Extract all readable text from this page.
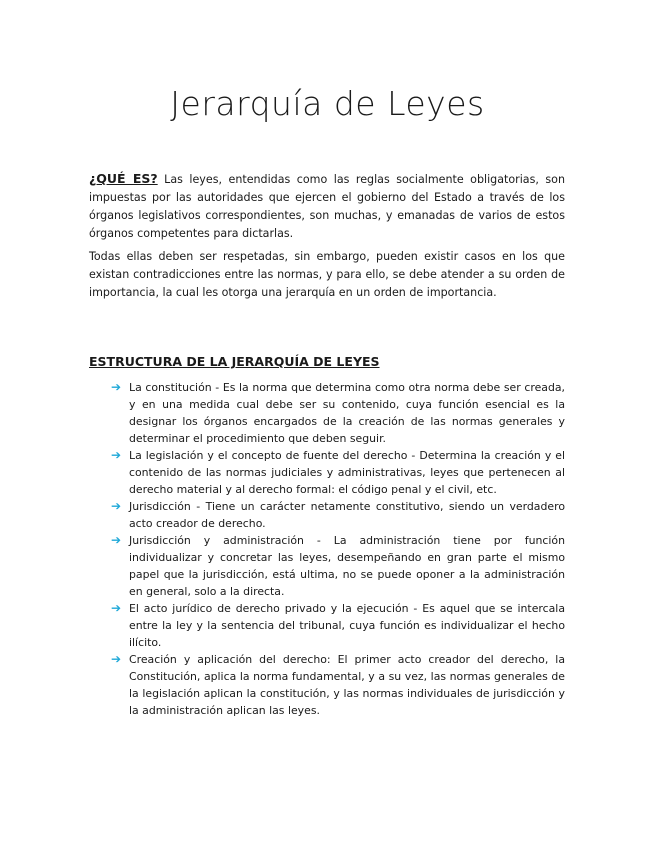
Jerarquía de Leyes

¿QUÉ ES? Las leyes, entendidas como las reglas socialmente obligatorias, son impuestas por las autoridades que ejercen el gobierno del Estado a través de los órganos legislativos correspondientes, son muchas, y emanadas de varios de estos órganos competentes para dictarlas.

Todas ellas deben ser respetadas, sin embargo, pueden existir casos en los que existan contradicciones entre las normas, y para ello, se debe atender a su orden de importancia, la cual les otorga una jerarquía en un orden de importancia.

ESTRUCTURA DE LA JERARQUÍA DE LEYES
➔ La constitución - Es la norma que determina como otra norma debe ser creada, y en una medida cual debe ser su contenido, cuya función esencial es la designar los órganos encargados de la creación de las normas generales y determinar el procedimiento que deben seguir.
➔ La legislación y el concepto de fuente del derecho - Determina la creación y el contenido de las normas judiciales y administrativas, leyes que pertenecen al derecho material y al derecho formal: el código penal y el civil, etc.
➔ Jurisdicción - Tiene un carácter netamente constitutivo, siendo un verdadero acto creador de derecho.
➔ Jurisdicción y administración - La administración tiene por función individualizar y concretar las leyes, desempeñando en gran parte el mismo papel que la jurisdicción, está ultima, no se puede oponer a la administración en general, solo a la directa.
➔ El acto jurídico de derecho privado y la ejecución - Es aquel que se intercala entre la ley y la sentencia del tribunal, cuya función es individualizar el hecho ilícito.
➔ Creación y aplicación del derecho: El primer acto creador del derecho, la Constitución, aplica la norma fundamental, y a su vez, las normas generales de la legislación aplican la constitución, y las normas individuales de jurisdicción y la administración aplican las leyes.
